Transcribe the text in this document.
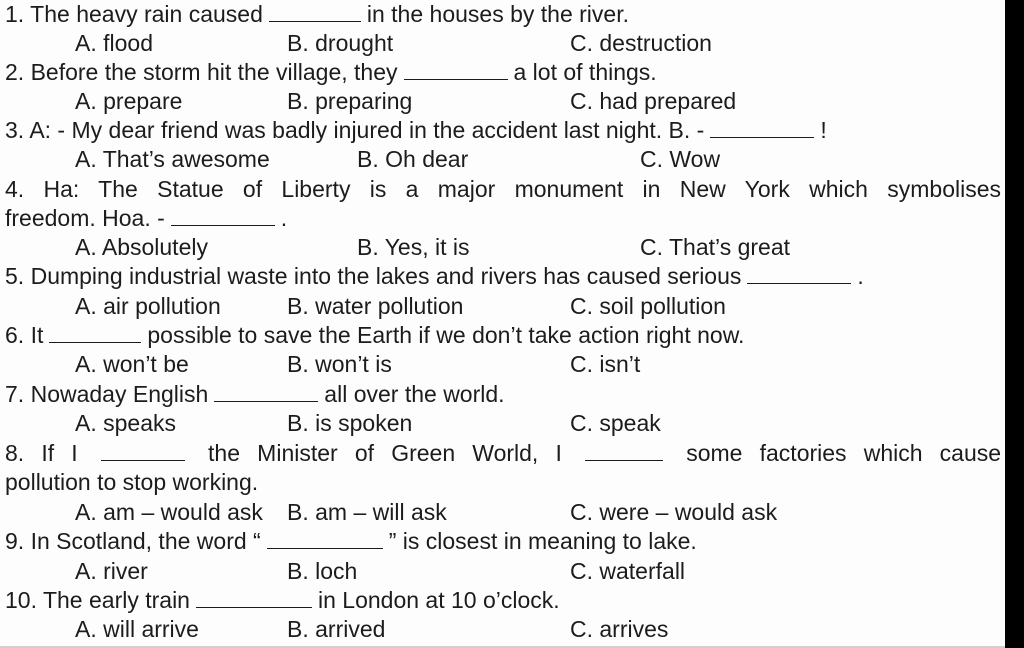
1. The heavy rain caused	in the houses by the river.
A. flood	B. drought	C. destruction
2. Before the storm hit the village, they	a lot of things.
A. prepare	B. preparing	C. had prepared
3. A: - My dear friend was badly injured in the accident last night. B. -	!
A. That’s awesome	B. Oh dear	C. Wow
4. Ha: The Statue of Liberty is a major monument in New York which symbolises
freedom. Hoa. -	.
A. Absolutely	B. Yes, it is	C. That’s great
5. Dumping industrial waste into the lakes and rivers has caused serious	.
A. air pollution	B. water pollution	C. soil pollution
6. It	possible to save the Earth if we don’t take action right now.
A. won’t be	B. won’t is	C. isn’t
7. Nowaday English	all over the world.
A. speaks	B. is spoken	C. speak
8. If I	the Minister of Green World, I	some factories which cause
pollution to stop working.
A. am – would ask B. am – will ask	C. were – would ask
9. In Scotland, the word “	” is closest in meaning to lake.
A. river	B. loch	C. waterfall
10. The early train	in London at 10 o’clock.
A. will arrive	B. arrived	C. arrives
